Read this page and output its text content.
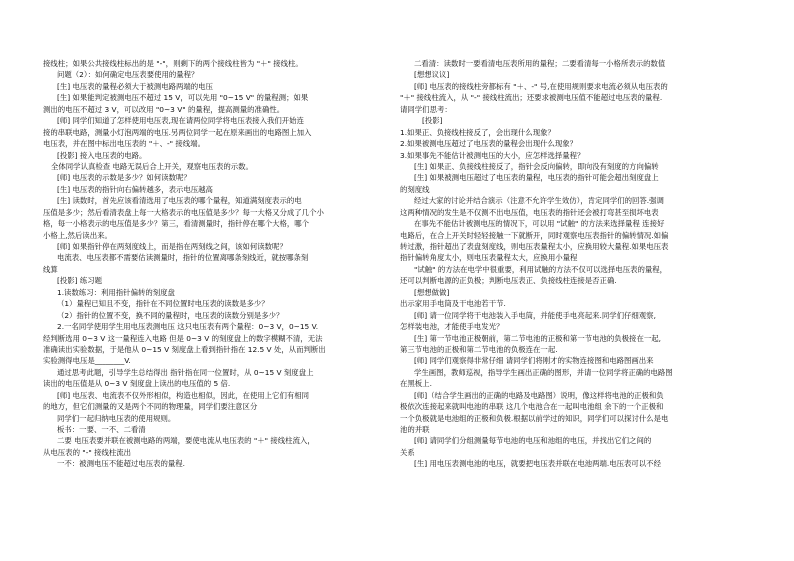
接线柱；如果公共接线柱标出的是 "-"，则剩下的两个接线柱皆为 "＋" 接线柱。

问题（2）：如何确定电压表要使用的量程？

[生] 电压表的量程必须大于被测电路两端的电压

[生] 如果能判定被测电压不超过 15 V，可以先用 "0~15 V" 的量程测；如果

测出的电压不超过 3 V，可以改用 "0~3 V" 的量程，提高测量的准确性。

[师] 同学们知道了怎样使用电压表,现在请两位同学将电压表接入我们开始连

接的串联电路，测量小灯泡两端的电压.另两位同学一起在原来画出的电路图上加入

电压表，并在图中标出电压表的 "＋、-" 接线端。

[投影] 接入电压表的电路。

全体同学认真检查 电路无误后合上开关，观察电压表的示数。

[师] 电压表的示数是多少？如何读数呢？

[生] 电压表的指针向右偏转越多，表示电压越高

[生] 读数时，首先应该看清选用了电压表的哪个量程，知道满刻度表示的电

压值是多少；然后看清表盘上每一大格表示的电压值是多少？每一大格又分成了几个小

格，每一小格表示的电压值是多少？第三，看清测量时，指针停在哪个大格，哪个

小格上,然后读出来。

[师] 如果指针停在两刻度线上，而是指在两刻线之间，该如何读数呢？

电流表、电压表都不需要估读测量时，指针的位置离哪条刻线近，就按哪条刻

线算

[投影] 练习题

1.读数练习：利用指针偏转的刻度盘

（1）量程已知且不变，指针在不同位置时电压表的读数是多少？

（2）指针的位置不变，换不同的量程时，电压表的读数分别是多少？

2.一名同学使用学生用电压表测电压 这只电压表有两个量程：0~3 V，0~15 V.

经判断选用 0~3 V 这一量程连入电路 但是 0~3 V 的刻度盘上的数字模糊不清，无法

准确读出实验数据，于是他从 0~15 V 刻度盘上看到指针指在 12.5 V 处，从而判断出

实验测得电压是________V.

通过思考此题，引导学生总结得出 指针指在同一位置时，从 0~15 V 刻度盘上

读出的电压值是从 0~3 V 刻度盘上读出的电压值的 5 倍.

[师] 电压表、电流表不仅外形相似，构造也相似，因此，在使用上它们有相同

的地方，但它们测量的又是两个不同的物理量，同学们要注意区分

同学们一起归纳电压表的使用规则。

板书：一要、一不、二看清

二要 电压表要并联在被测电路的两端，要使电流从电压表的 "＋" 接线柱流入，

从电压表的 "-" 接线柱流出

一不：被测电压不能超过电压表的量程.

二看清：读数时一要看清电压表所用的量程；二要看清每一小格所表示的数值

[想想议议]

[师] 电压表的接线柱旁都标有 "＋、-" 号,在使用规则要求电流必须从电压表的

"＋" 接线柱流入，从 "-" 接线柱流出；还要求被测电压值不能超过电压表的量程.

请同学们思考：

[投影]

1.如果正、负接线柱接反了，会出现什么现象？

2.如果被测电压超过了电压表的量程会出现什么现象？

3.如果事先不能估计被测电压的大小，应怎样选择量程？

[生] 如果正、负接线柱接反了，指针会反向偏转，即向没有刻度的方向偏转

[生] 如果被测电压超过了电压表的量程，电压表的指针可能会超出刻度盘上

的刻度线

经过大家的讨论并结合演示（注意不允许学生效仿），肯定同学们的回答.强调

这两种情况的发生是不仅测不出电压值，电压表的指针还会被打弯甚至损坏电表

在事先不能估计被测电压的情况下，可以用 "试触" 的方法来选择量程 连接好

电路后，在合上开关时轻轻接触一下就断开，同时观察电压表指针的偏转情况.如偏

转过激，指针超出了表盘刻度线，则电压表量程太小，应换用较大量程.如果电压表

指针偏转角度太小，则电压表量程太大，应换用小量程

"试触" 的方法在电学中很重要，利用试触的方法不仅可以选择电压表的量程，

还可以判断电源的正负极；判断电压表正、负接线柱连接是否正确.

[想想做做]

出示家用手电筒及干电池若干节.

[师] 请一位同学将干电池装入手电筒，并能使手电亮起来.同学们仔细观察,

怎样装电池，才能使手电发光？

[生] 第一节电池正极朝前，第二节电池的正极和第一节电池的负极接在一起,

第三节电池的正极和第二节电池的负极连在一起.

[师] 同学们观察得非常仔细 请同学们将刚才的实物连接图和电路图画出来

学生画图，教师巡视，指导学生画出正确的图形，并请一位同学将正确的电路图

在黑板上.

[师]（结合学生画出的正确的电路及电路图）说明，像这样将电池的正极和负

极依次连接起来就叫电池的串联 这几个电池合在一起叫电池组 余下的一个正极和

一个负极就是电池组的正极和负极.根据以前学过的知识，同学们可以探讨什么是电

池的并联

[师] 请同学们分组测量每节电池的电压和池组的电压，并找出它们之间的

关系

[生] 用电压表测电池的电压，就要把电压表并联在电池两端.电压表可以不经
